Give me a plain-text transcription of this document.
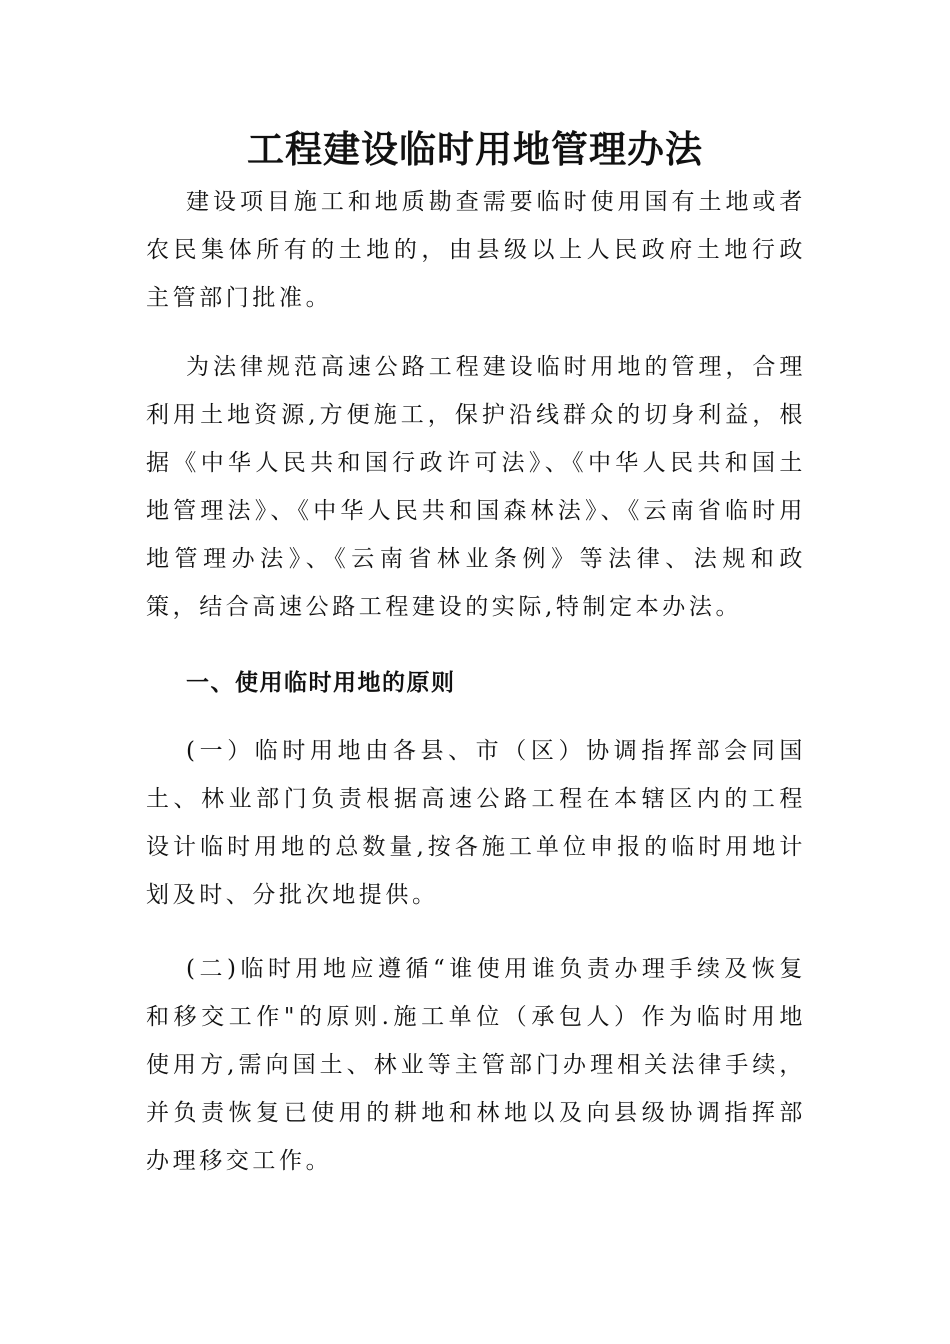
工程建设临时用地管理办法

建设项目施工和地质勘查需要临时使用国有土地或者农民集体所有的土地的，由县级以上人民政府土地行政主管部门批准。

为法律规范高速公路工程建设临时用地的管理，合理利用土地资源,方便施工，保护沿线群众的切身利益，根据《中华人民共和国行政许可法》、《中华人民共和国土地管理法》、《中华人民共和国森林法》、《云南省临时用地管理办法》、《云南省林业条例》等法律、法规和政策，结合高速公路工程建设的实际,特制定本办法。

一、使用临时用地的原则

(一）临时用地由各县、市（区）协调指挥部会同国土、林业部门负责根据高速公路工程在本辖区内的工程设计临时用地的总数量,按各施工单位申报的临时用地计划及时、分批次地提供。

(二)临时用地应遵循“谁使用谁负责办理手续及恢复和移交工作"的原则.施工单位（承包人）作为临时用地使用方,需向国土、林业等主管部门办理相关法律手续，并负责恢复已使用的耕地和林地以及向县级协调指挥部办理移交工作。
